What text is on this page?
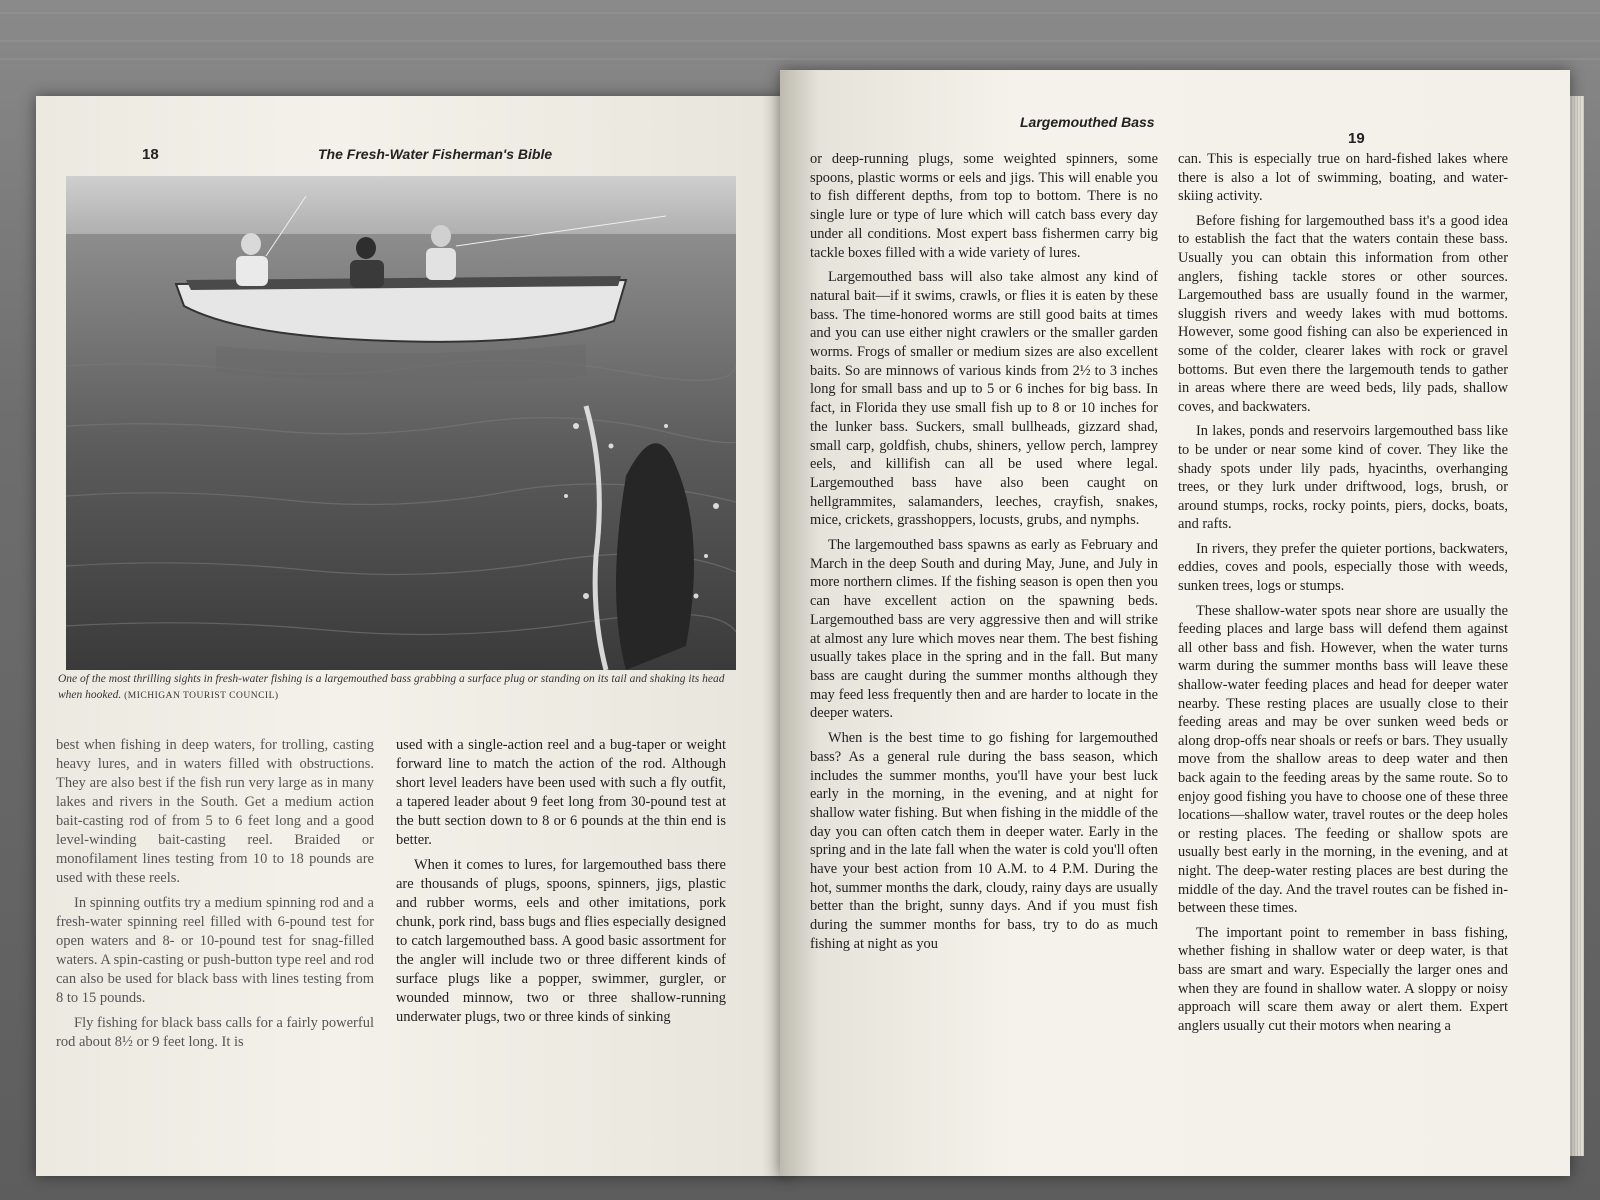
18	The Fresh-Water Fisherman's Bible
One of the most thrilling sights in fresh-water fishing is a largemouthed bass grabbing a surface plug or standing on its tail and shaking its head when hooked. (MICHIGAN TOURIST COUNCIL)

best when fishing in deep waters, for trolling, casting heavy lures, and in waters filled with obstructions. They are also best if the fish run very large as in many lakes and rivers in the South. Get a medium action bait-casting rod of from 5 to 6 feet long and a good level-winding bait-casting reel. Braided or monofilament lines testing from 10 to 18 pounds are used with these reels.

In spinning outfits try a medium spinning rod and a fresh-water spinning reel filled with 6-pound test for open waters and 8- or 10-pound test for snag-filled waters. A spin-casting or push-button type reel and rod can also be used for black bass with lines testing from 8 to 15 pounds.

Fly fishing for black bass calls for a fairly powerful rod about 8½ or 9 feet long. It is

used with a single-action reel and a bug-taper or weight forward line to match the action of the rod. Although short level leaders have been used with such a fly outfit, a tapered leader about 9 feet long from 30-pound test at the butt section down to 8 or 6 pounds at the thin end is better.

When it comes to lures, for largemouthed bass there are thousands of plugs, spoons, spinners, jigs, plastic and rubber worms, eels and other imitations, pork chunk, pork rind, bass bugs and flies especially designed to catch largemouthed bass. A good basic assortment for the angler will include two or three different kinds of surface plugs like a popper, swimmer, gurgler, or wounded minnow, two or three shallow-running underwater plugs, two or three kinds of sinking

Largemouthed Bass
19

or deep-running plugs, some weighted spinners, some spoons, plastic worms or eels and jigs. This will enable you to fish different depths, from top to bottom. There is no single lure or type of lure which will catch bass every day under all conditions. Most expert bass fishermen carry big tackle boxes filled with a wide variety of lures.

Largemouthed bass will also take almost any kind of natural bait—if it swims, crawls, or flies it is eaten by these bass. The time-honored worms are still good baits at times and you can use either night crawlers or the smaller garden worms. Frogs of smaller or medium sizes are also excellent baits. So are minnows of various kinds from 2½ to 3 inches long for small bass and up to 5 or 6 inches for big bass. In fact, in Florida they use small fish up to 8 or 10 inches for the lunker bass. Suckers, small bullheads, gizzard shad, small carp, goldfish, chubs, shiners, yellow perch, lamprey eels, and killifish can all be used where legal. Largemouthed bass have also been caught on hellgrammites, salamanders, leeches, crayfish, snakes, mice, crickets, grasshoppers, locusts, grubs, and nymphs.

The largemouthed bass spawns as early as February and March in the deep South and during May, June, and July in more northern climes. If the fishing season is open then you can have excellent action on the spawning beds. Largemouthed bass are very aggressive then and will strike at almost any lure which moves near them. The best fishing usually takes place in the spring and in the fall. But many bass are caught during the summer months although they may feed less frequently then and are harder to locate in the deeper waters.

When is the best time to go fishing for largemouthed bass? As a general rule during the bass season, which includes the summer months, you'll have your best luck early in the morning, in the evening, and at night for shallow water fishing. But when fishing in the middle of the day you can often catch them in deeper water. Early in the spring and in the late fall when the water is cold you'll often have your best action from 10 A.M. to 4 P.M. During the hot, summer months the dark, cloudy, rainy days are usually better than the bright, sunny days. And if you must fish during the summer months for bass, try to do as much fishing at night as you

can. This is especially true on hard-fished lakes where there is also a lot of swimming, boating, and water-skiing activity.

Before fishing for largemouthed bass it's a good idea to establish the fact that the waters contain these bass. Usually you can obtain this information from other anglers, fishing tackle stores or other sources. Largemouthed bass are usually found in the warmer, sluggish rivers and weedy lakes with mud bottoms. However, some good fishing can also be experienced in some of the colder, clearer lakes with rock or gravel bottoms. But even there the largemouth tends to gather in areas where there are weed beds, lily pads, shallow coves, and backwaters.

In lakes, ponds and reservoirs largemouthed bass like to be under or near some kind of cover. They like the shady spots under lily pads, hyacinths, overhanging trees, or they lurk under driftwood, logs, brush, or around stumps, rocks, rocky points, piers, docks, boats, and rafts.

In rivers, they prefer the quieter portions, backwaters, eddies, coves and pools, especially those with weeds, sunken trees, logs or stumps.

These shallow-water spots near shore are usually the feeding places and large bass will defend them against all other bass and fish. However, when the water turns warm during the summer months bass will leave these shallow-water feeding places and head for deeper water nearby. These resting places are usually close to their feeding areas and may be over sunken weed beds or along drop-offs near shoals or reefs or bars. They usually move from the shallow areas to deep water and then back again to the feeding areas by the same route. So to enjoy good fishing you have to choose one of these three locations—shallow water, travel routes or the deep holes or resting places. The feeding or shallow spots are usually best early in the morning, in the evening, and at night. The deep-water resting places are best during the middle of the day. And the travel routes can be fished in-between these times.

The important point to remember in bass fishing, whether fishing in shallow water or deep water, is that bass are smart and wary. Especially the larger ones and when they are found in shallow water. A sloppy or noisy approach will scare them away or alert them. Expert anglers usually cut their motors when nearing a
